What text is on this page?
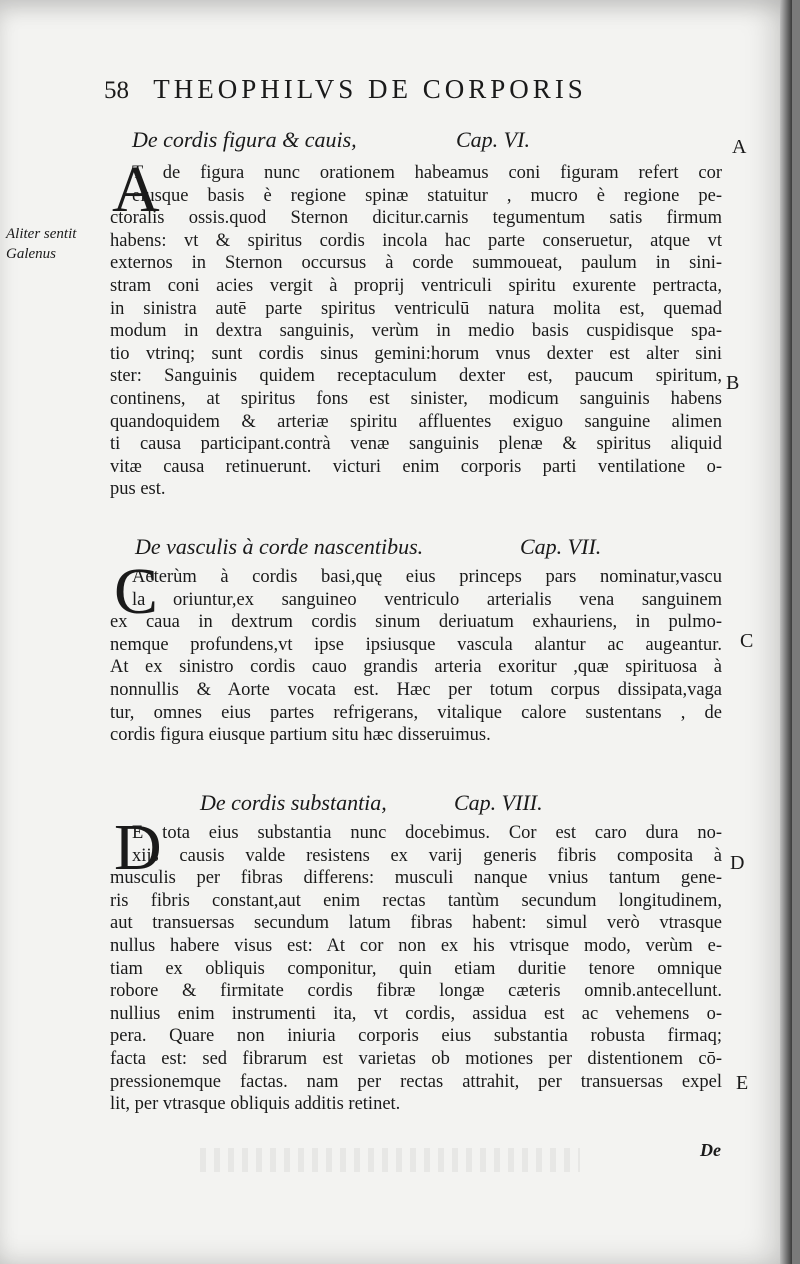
58 THEOPHILVS DE CORPORIS
De cordis figura & cauis,	Cap. VI.
A
T de figura nunc orationem habeamus coni figuram refert cor
eiusque basis è regione spinæ statuitur , mucro è regione pe-
ctoralis ossis.quod Sternon dicitur.carnis tegumentum satis firmum
habens: vt & spiritus cordis incola hac parte conseruetur, atque vt
externos in Sternon occursus à corde summoueat, paulum in sini-
stram coni acies vergit à proprij ventriculi spiritu exurente pertracta,
in sinistra autē parte spiritus ventriculū natura molita est, quemad
modum in dextra sanguinis, verùm in medio basis cuspidisque spa-
tio vtrinq; sunt cordis sinus gemini:horum vnus dexter est alter sini
ster: Sanguinis quidem receptaculum dexter est, paucum spiritum,
continens, at spiritus fons est sinister, modicum sanguinis habens
quandoquidem & arteriæ spiritu affluentes exiguo sanguine alimen
ti causa participant.contrà venæ sanguinis plenæ & spiritus aliquid
vitæ causa retinuerunt. victuri enim corporis parti ventilatione o-
pus est.
De vasculis à corde nascentibus.	Cap. VII.
C
Aeterùm à cordis basi,quę eius princeps pars nominatur,vascu
la oriuntur,ex sanguineo ventriculo arterialis vena sanguinem
ex caua in dextrum cordis sinum deriuatum exhauriens, in pulmo-
nemque profundens,vt ipse ipsiusque vascula alantur ac augeantur.
At ex sinistro cordis cauo grandis arteria exoritur ,quæ spirituosa à
nonnullis & Aorte vocata est. Hæc per totum corpus dissipata,vaga
tur, omnes eius partes refrigerans, vitalique calore sustentans , de
cordis figura eiusque partium situ hæc disseruimus.
De cordis substantia,	Cap. VIII.
D
E tota eius substantia nunc docebimus. Cor est caro dura no-
xijs causis valde resistens ex varij generis fibris composita à
musculis per fibras differens: musculi nanque vnius tantum gene-
ris fibris constant,aut enim rectas tantùm secundum longitudinem,
aut transuersas secundum latum fibras habent: simul verò vtrasque
nullus habere visus est: At cor non ex his vtrisque modo, verùm e-
tiam ex obliquis componitur, quin etiam duritie tenore omnique
robore & firmitate cordis fibræ longæ cæteris omnib.antecellunt.
nullius enim instrumenti ita, vt cordis, assidua est ac vehemens o-
pera. Quare non iniuria corporis eius substantia robusta firmaq;
facta est: sed fibrarum est varietas ob motiones per distentionem cō-
pressionemque factas. nam per rectas attrahit, per transuersas expel
lit, per vtrasque obliquis additis retinet.
Aliter sentit Galenus
A
B
C
D
E
De
